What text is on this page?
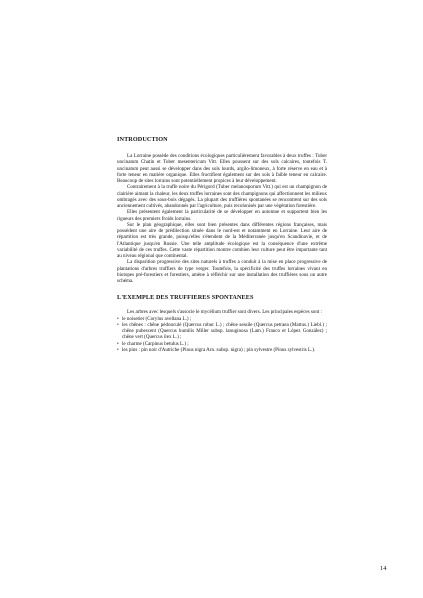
INTRODUCTION

La Lorraine possède des conditions écologiques particulièrement favorables à deux truffes : Tuber uncinatum Chatin et Tuber mesentericum Vitt. Elles poussent sur des sols calcaires, toutefois T. uncinatum peut aussi se développer dans des sols lourds, argilo-limoneux, à forte réserve en eau et à forte teneur en matière organique. Elles fructifient également sur des sols à faible teneur en calcaire. Beaucoup de sites lorrains sont potentiellement propices à leur développement.

Contrairement à la truffe noire du Périgord (Tuber melanosporum Vitt.) qui est un champignon de clairière aimant la chaleur, les deux truffes lorraines sont des champignons qui affectionnent les milieux ombragés avec des sous-bois dégagés. La plupart des truffières spontanées se rencontrent sur des sols anciennement cultivés, abandonnés par l'agriculture, puis recolonisés par une végétation forestière.

Elles présentent également la particularité de se développer en automne et supportent bien les rigueurs des premiers froids lorrains.

Sur le plan géographique, elles sont bien présentes dans différentes régions françaises, mais possèdent une aire de prédilection située dans le nord-est et notamment en Lorraine. Leur aire de répartition est très grande, puisqu'elles s'étendent de la Méditerranée jusqu'en Scandinavie, et de l'Atlantique jusqu'en Russie. Une telle amplitude écologique est la conséquence d'une extrême variabilité de ces truffes. Cette vaste répartition montre combien leur culture peut être importante tant au niveau régional que continental.

La disparition progressive des sites naturels à truffes a conduit à la mise en place progressive de plantations d'arbres truffiers de type verger. Toutefois, la spécificité des truffes lorraines vivant en biotopes pré-forestiers et forestiers, amène à réfléchir sur une installation des truffières sous un autre schéma.

L'EXEMPLE DES TRUFFIERES SPONTANEES

Les arbres avec lesquels s'associe le mycélium truffier sont divers. Les principales espèces sont :

• le noisetier (Corylus avellana L.) ;
• les chênes : chêne pédonculé (Quercus robur L.) ; chêne sessile (Quercus petraea (Mattus.) Liebl.) ; chêne pubescent (Quercus humilis Miller subsp. lanuginosa (Lam.) Franco et López González) ; chêne vert (Quercus ilex L.) ;
• le charme (Carpinus betulus L.) ;
• les pins : pin noir d'Autriche (Pinus nigra Arn. subsp. nigra) ; pin sylvestre (Pinus sylvestris L.).
14
